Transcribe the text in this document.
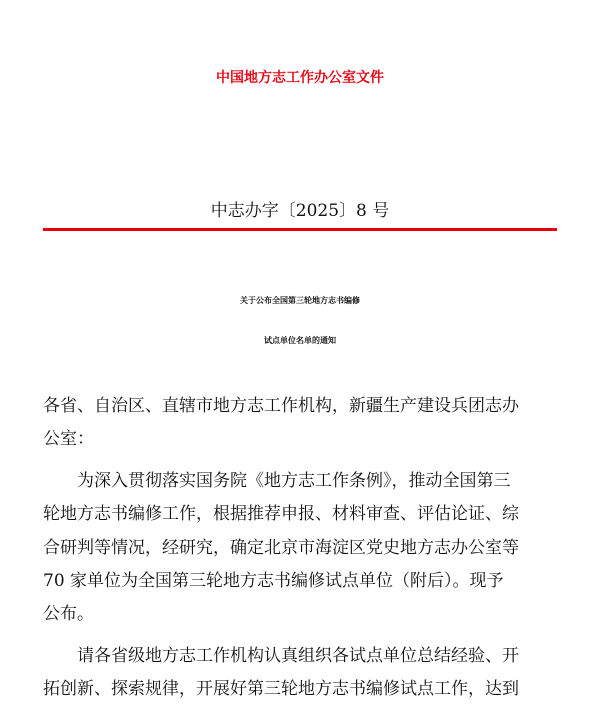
中国地方志工作办公室文件
中志办字〔2025〕8 号
关于公布全国第三轮地方志书编修
试点单位名单的通知
各省、自治区、直辖市地方志工作机构，新疆生产建设兵团志办
公室：
为深入贯彻落实国务院《地方志工作条例》，推动全国第三
轮地方志书编修工作，根据推荐申报、材料审查、评估论证、综
合研判等情况，经研究，确定北京市海淀区党史地方志办公室等
70 家单位为全国第三轮地方志书编修试点单位（附后）。现予
公布。
请各省级地方志工作机构认真组织各试点单位总结经验、开
拓创新、探索规律，开展好第三轮地方志书编修试点工作，达到
